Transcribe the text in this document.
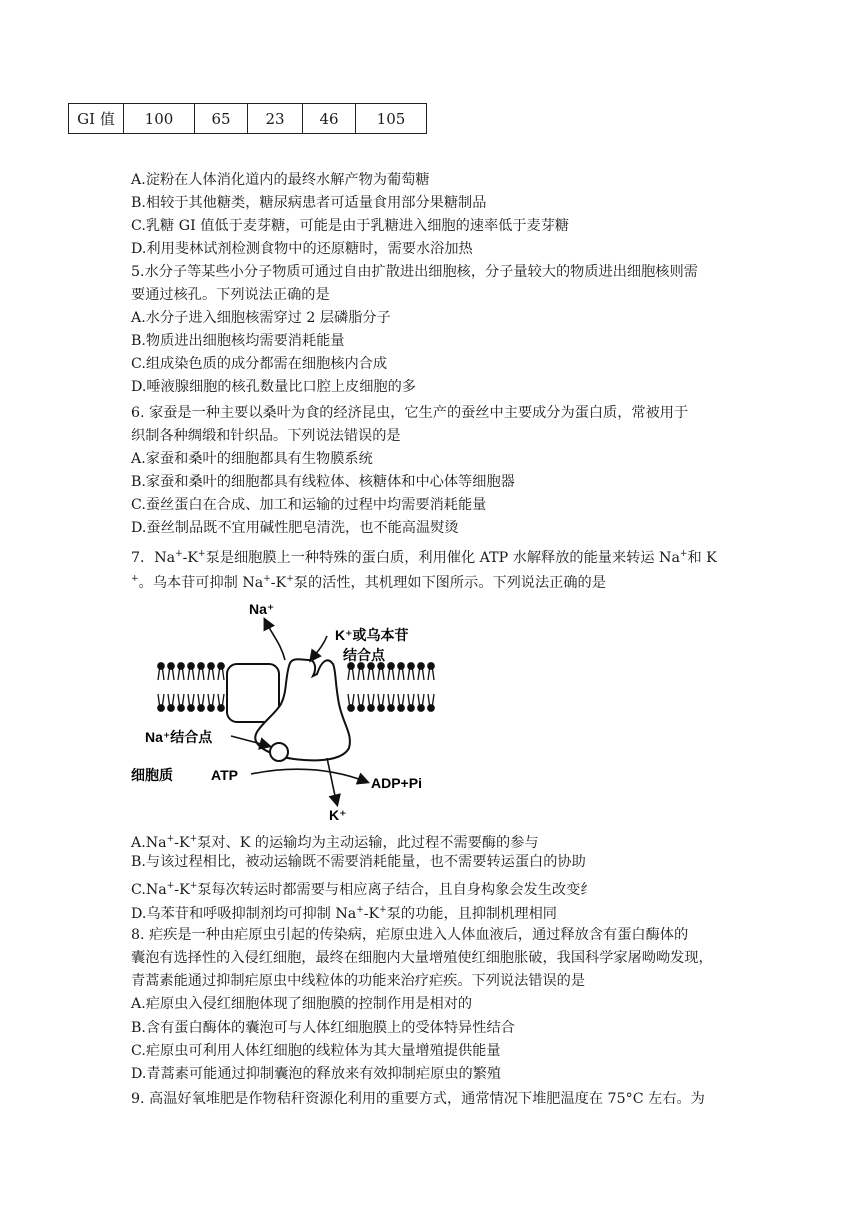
GI 值	100	65	23	46	105
A.淀粉在人体消化道内的最终水解产物为葡萄糖
B.相较于其他糖类，糖尿病患者可适量食用部分果糖制品
C.乳糖 GI 值低于麦芽糖，可能是由于乳糖进入细胞的速率低于麦芽糖
D.利用斐林试剂检测食物中的还原糖时，需要水浴加热
5.水分子等某些小分子物质可通过自由扩散进出细胞核，分子量较大的物质进出细胞核则需
要通过核孔。下列说法正确的是
A.水分子进入细胞核需穿过 2 层磷脂分子
B.物质进出细胞核均需要消耗能量
C.组成染色质的成分都需在细胞核内合成
D.唾液腺细胞的核孔数量比口腔上皮细胞的多
6. 家蚕是一种主要以桑叶为食的经济昆虫，它生产的蚕丝中主要成分为蛋白质，常被用于
织制各种绸缎和针织品。下列说法错误的是
A.家蚕和桑叶的细胞都具有生物膜系统
B.家蚕和桑叶的细胞都具有线粒体、核糖体和中心体等细胞器
C.蚕丝蛋白在合成、加工和运输的过程中均需要消耗能量
D.蚕丝制品既不宜用碱性肥皂清洗，也不能高温熨烫
7．Na+-K+泵是细胞膜上一种特殊的蛋白质，利用催化 ATP 水解释放的能量来转运 Na+和 K
+。乌本苷可抑制 Na+-K+泵的活性，其机理如下图所示。下列说法正确的是
Na⁺
K⁺或乌本苷
结合点
Na⁺结合点
细胞质	ATP	ADP+Pi
K⁺
A.Na+-K+泵对、K 的运输均为主动运输，此过程不需要酶的参与
B.与该过程相比，被动运输既不需要消耗能量，也不需要转运蛋白的协助
C.Na+-K+泵每次转运时都需要与相应离子结合，且自身构象会发生改变纟
D.乌苯苷和呼吸抑制剂均可抑制 Na+-K+泵的功能，且抑制机理相同
8. 疟疾是一种由疟原虫引起的传染病，疟原虫进入人体血液后，通过释放含有蛋白酶体的
囊泡有选择性的入侵红细胞，最终在细胞内大量增殖使红细胞胀破，我国科学家屠呦呦发现，
青蒿素能通过抑制疟原虫中线粒体的功能来治疗疟疾。下列说法错误的是
A.疟原虫入侵红细胞体现了细胞膜的控制作用是相对的
B.含有蛋白酶体的囊泡可与人体红细胞膜上的受体特异性结合
C.疟原虫可利用人体红细胞的线粒体为其大量增殖提供能量
D.青蒿素可能通过抑制囊泡的释放来有效抑制疟原虫的繁殖
9. 高温好氧堆肥是作物秸秆资源化利用的重要方式，通常情况下堆肥温度在 75°C 左右。为
